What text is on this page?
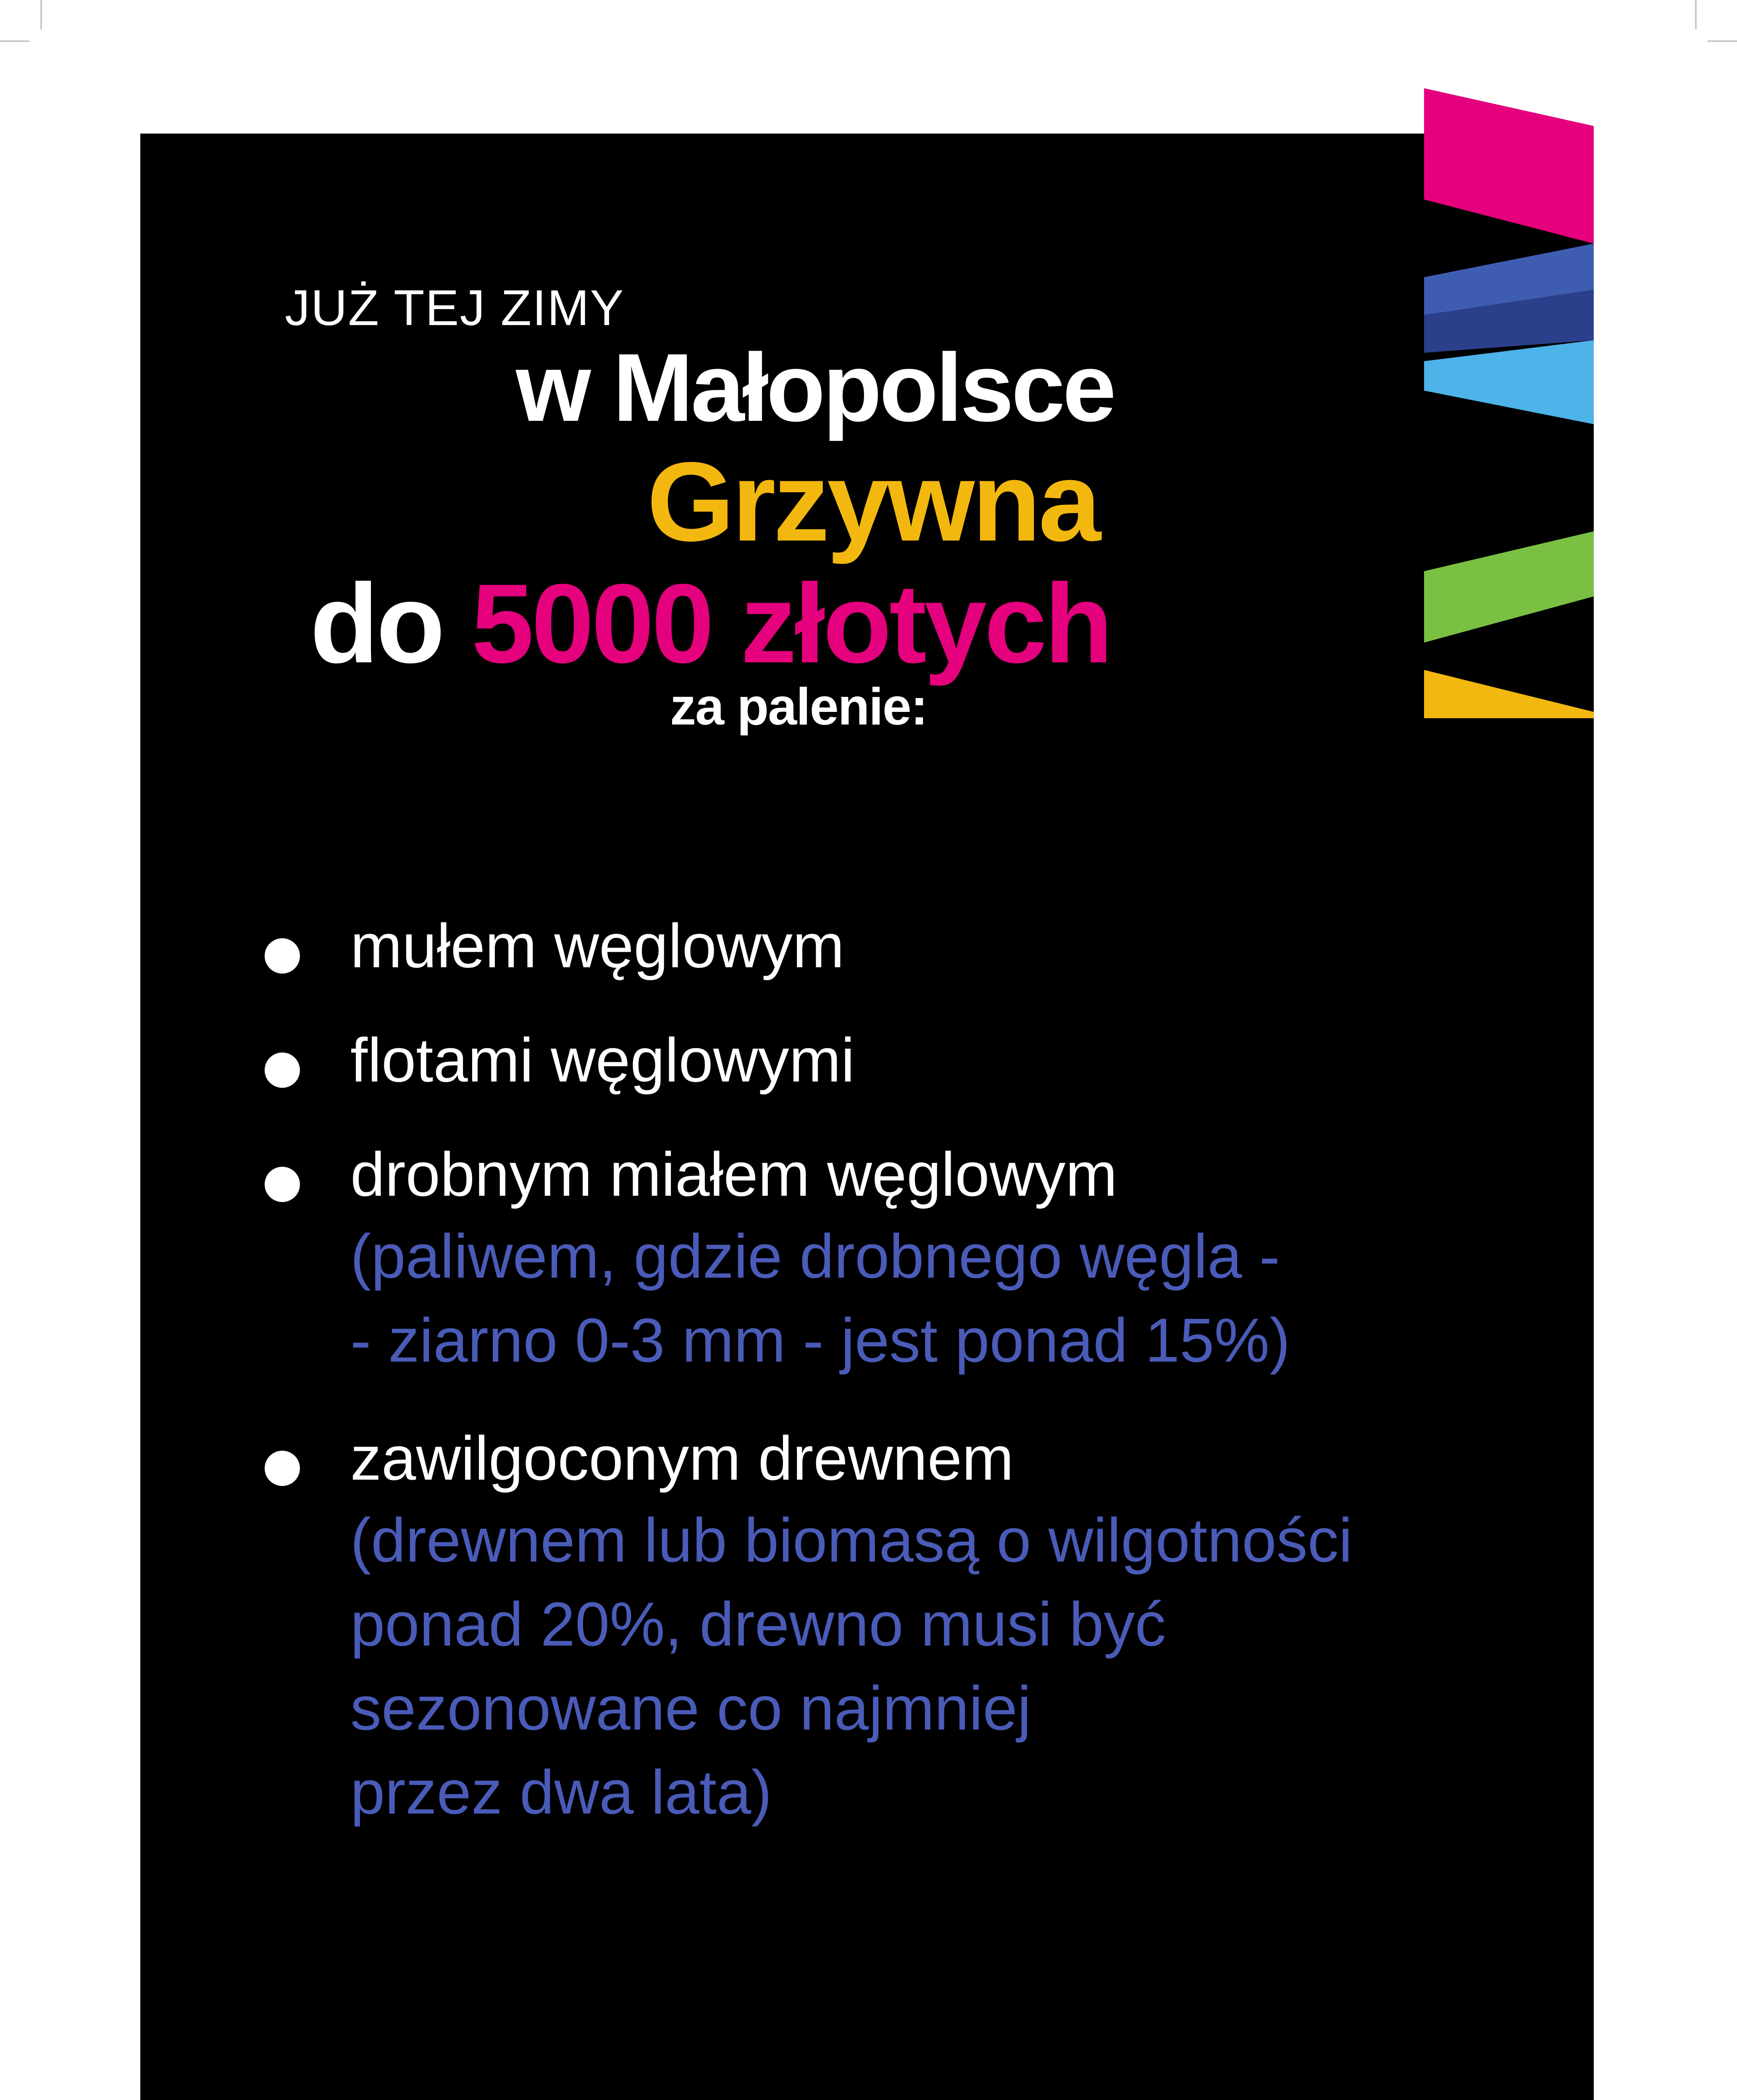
JUŻ TEJ ZIMY
w Małopolsce
Grzywna
do 5000 złotych
za palenie:
mułem węglowym
flotami węglowymi
drobnym miałem węglowym
(paliwem, gdzie drobnego węgla -
- ziarno 0-3 mm - jest ponad 15%)
zawilgoconym drewnem
(drewnem lub biomasą o wilgotności
ponad 20%, drewno musi być
sezonowane co najmniej
przez dwa lata)
